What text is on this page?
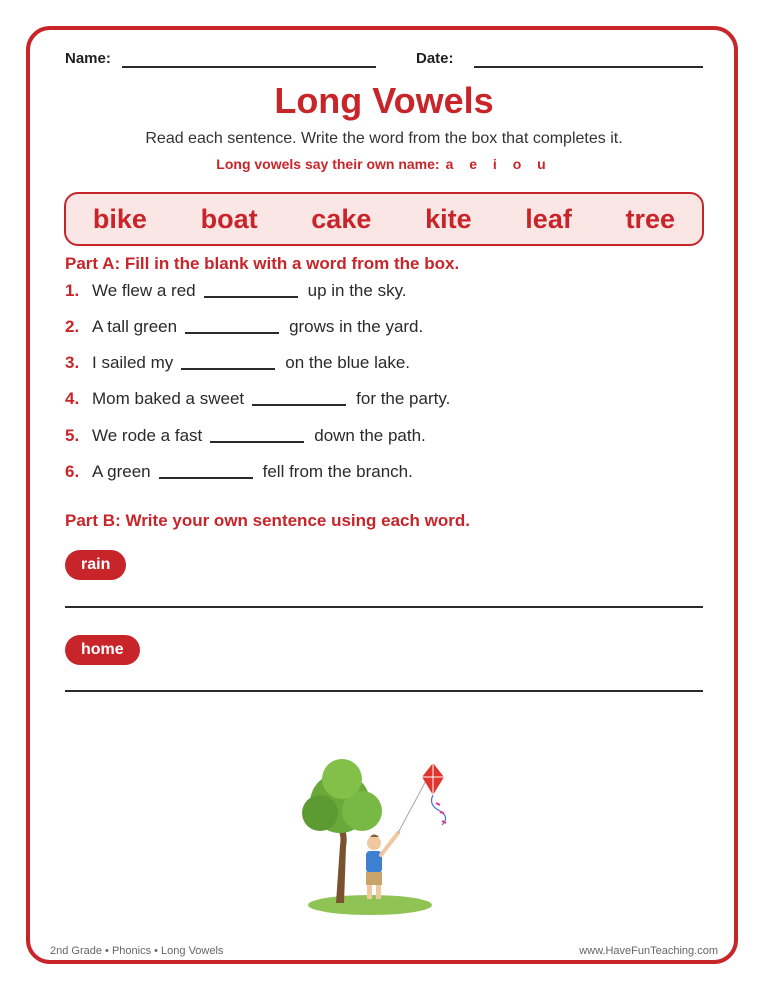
Name:	Date:
Long Vowels
Read each sentence. Write the word from the box that completes it.
Long vowels say their own name: a e i o u
bike boat cake kite leaf tree
Part A: Fill in the blank with a word from the box.
1. We flew a red	up in the sky.
2. A tall green	grows in the yard.
3. I sailed my	on the blue lake.
4. Mom baked a sweet	for the party.
5. We rode a fast	down the path.
6. A green	fell from the branch.
Part B: Write your own sentence using each word.
rain
home
2nd Grade • Phonics • Long Vowels	www.HaveFunTeaching.com
